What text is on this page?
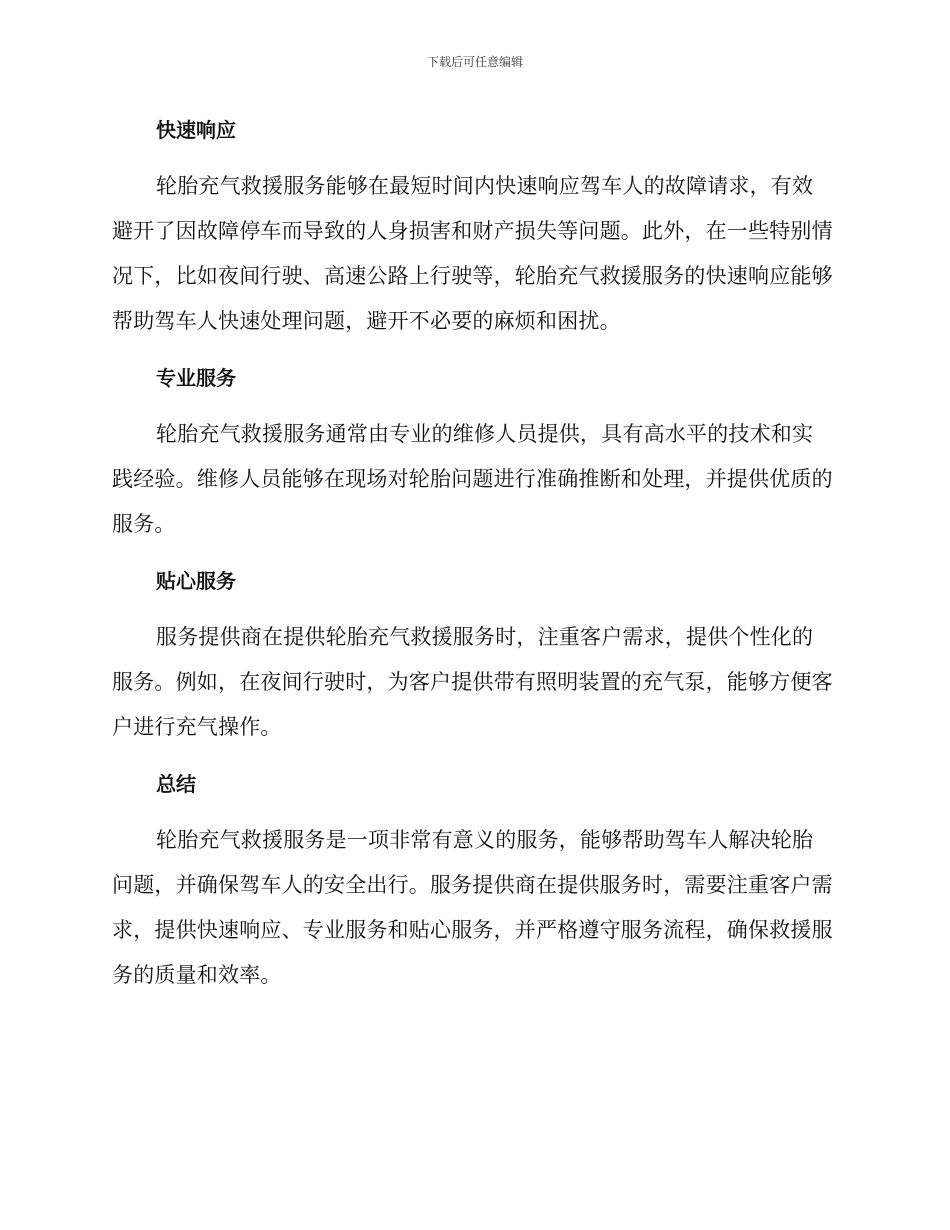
下载后可任意编辑
快速响应

轮胎充气救援服务能够在最短时间内快速响应驾车人的故障请求，有效避开了因故障停车而导致的人身损害和财产损失等问题。此外，在一些特别情况下，比如夜间行驶、高速公路上行驶等，轮胎充气救援服务的快速响应能够帮助驾车人快速处理问题，避开不必要的麻烦和困扰。

专业服务

轮胎充气救援服务通常由专业的维修人员提供，具有高水平的技术和实践经验。维修人员能够在现场对轮胎问题进行准确推断和处理，并提供优质的服务。

贴心服务

服务提供商在提供轮胎充气救援服务时，注重客户需求，提供个性化的服务。例如，在夜间行驶时，为客户提供带有照明装置的充气泵，能够方便客户进行充气操作。

总结

轮胎充气救援服务是一项非常有意义的服务，能够帮助驾车人解决轮胎问题，并确保驾车人的安全出行。服务提供商在提供服务时，需要注重客户需求，提供快速响应、专业服务和贴心服务，并严格遵守服务流程，确保救援服务的质量和效率。
